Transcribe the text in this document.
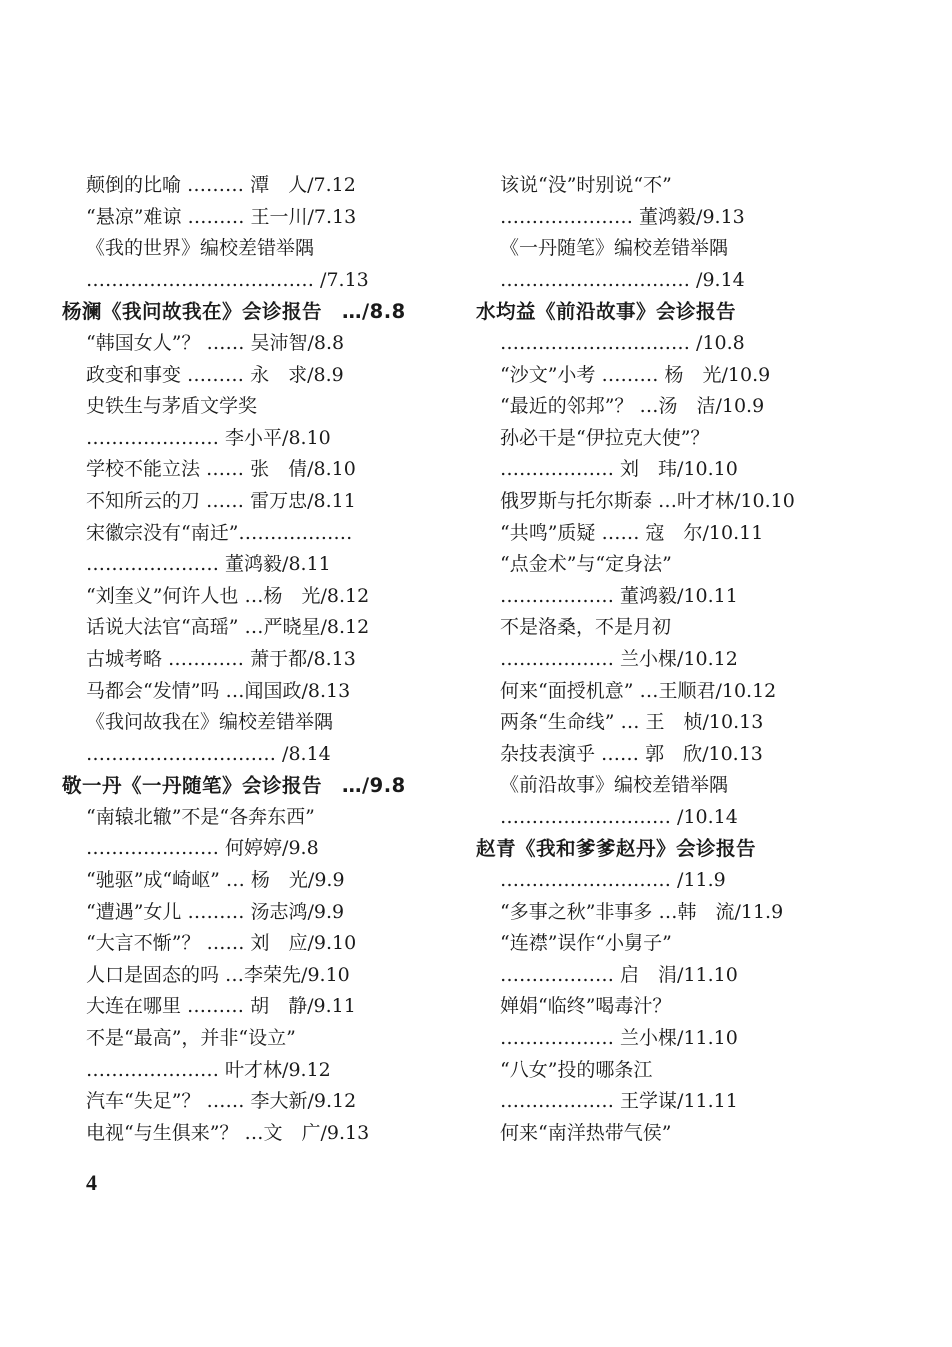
颠倒的比喻 ……… 潭　人/7.12
“悬凉”难谅 ……… 王一川/7.13
《我的世界》编校差错举隅
……………………………… /7.13
杨澜《我问故我在》会诊报告　…/8.8
“韩国女人”？ …… 吴沛智/8.8
政变和事变 ……… 永　求/8.9
史铁生与茅盾文学奖
………………… 李小平/8.10
学校不能立法 …… 张　倩/8.10
不知所云的刀 …… 雷万忠/8.11
宋徽宗没有“南迁”………………
………………… 董鸿毅/8.11
“刘奎义”何许人也 …杨　光/8.12
话说大法官“高瑶” …严晓星/8.12
古城考略 ………… 萧于都/8.13
马都会“发情”吗 …闻国政/8.13
《我问故我在》编校差错举隅
………………………… /8.14
敬一丹《一丹随笔》会诊报告　…/9.8
“南辕北辙”不是“各奔东西”
………………… 何婷婷/9.8
“驰驱”成“崎岖” … 杨　光/9.9
“遭遇”女儿 ……… 汤志鸿/9.9
“大言不惭”？ …… 刘　应/9.10
人口是固态的吗 …李荣先/9.10
大连在哪里 ……… 胡　静/9.11
不是“最高”，并非“设立”
………………… 叶才林/9.12
汽车“失足”？ …… 李大新/9.12
电视“与生俱来”？ …文　广/9.13
该说“没”时别说“不”
………………… 董鸿毅/9.13
《一丹随笔》编校差错举隅
………………………… /9.14
水均益《前沿故事》会诊报告
………………………… /10.8
“沙文”小考 ……… 杨　光/10.9
“最近的邻邦”？ …汤　洁/10.9
孙必干是“伊拉克大使”？
……………… 刘　玮/10.10
俄罗斯与托尔斯泰 …叶才林/10.10
“共鸣”质疑 …… 寇　尔/10.11
“点金术”与“定身法”
……………… 董鸿毅/10.11
不是洛桑，不是月初
……………… 兰小棵/10.12
何来“面授机意” …王顺君/10.12
两条“生命线” … 王　桢/10.13
杂技表演乎 …… 郭　欣/10.13
《前沿故事》编校差错举隅
……………………… /10.14
赵青《我和爹爹赵丹》会诊报告
……………………… /11.9
“多事之秋”非事多 …韩　流/11.9
“连襟”误作“小舅子”
……………… 启　涓/11.10
婵娟“临终”喝毒汁？
……………… 兰小棵/11.10
“八女”投的哪条江
……………… 王学谋/11.11
何来“南洋热带气侯”
4
